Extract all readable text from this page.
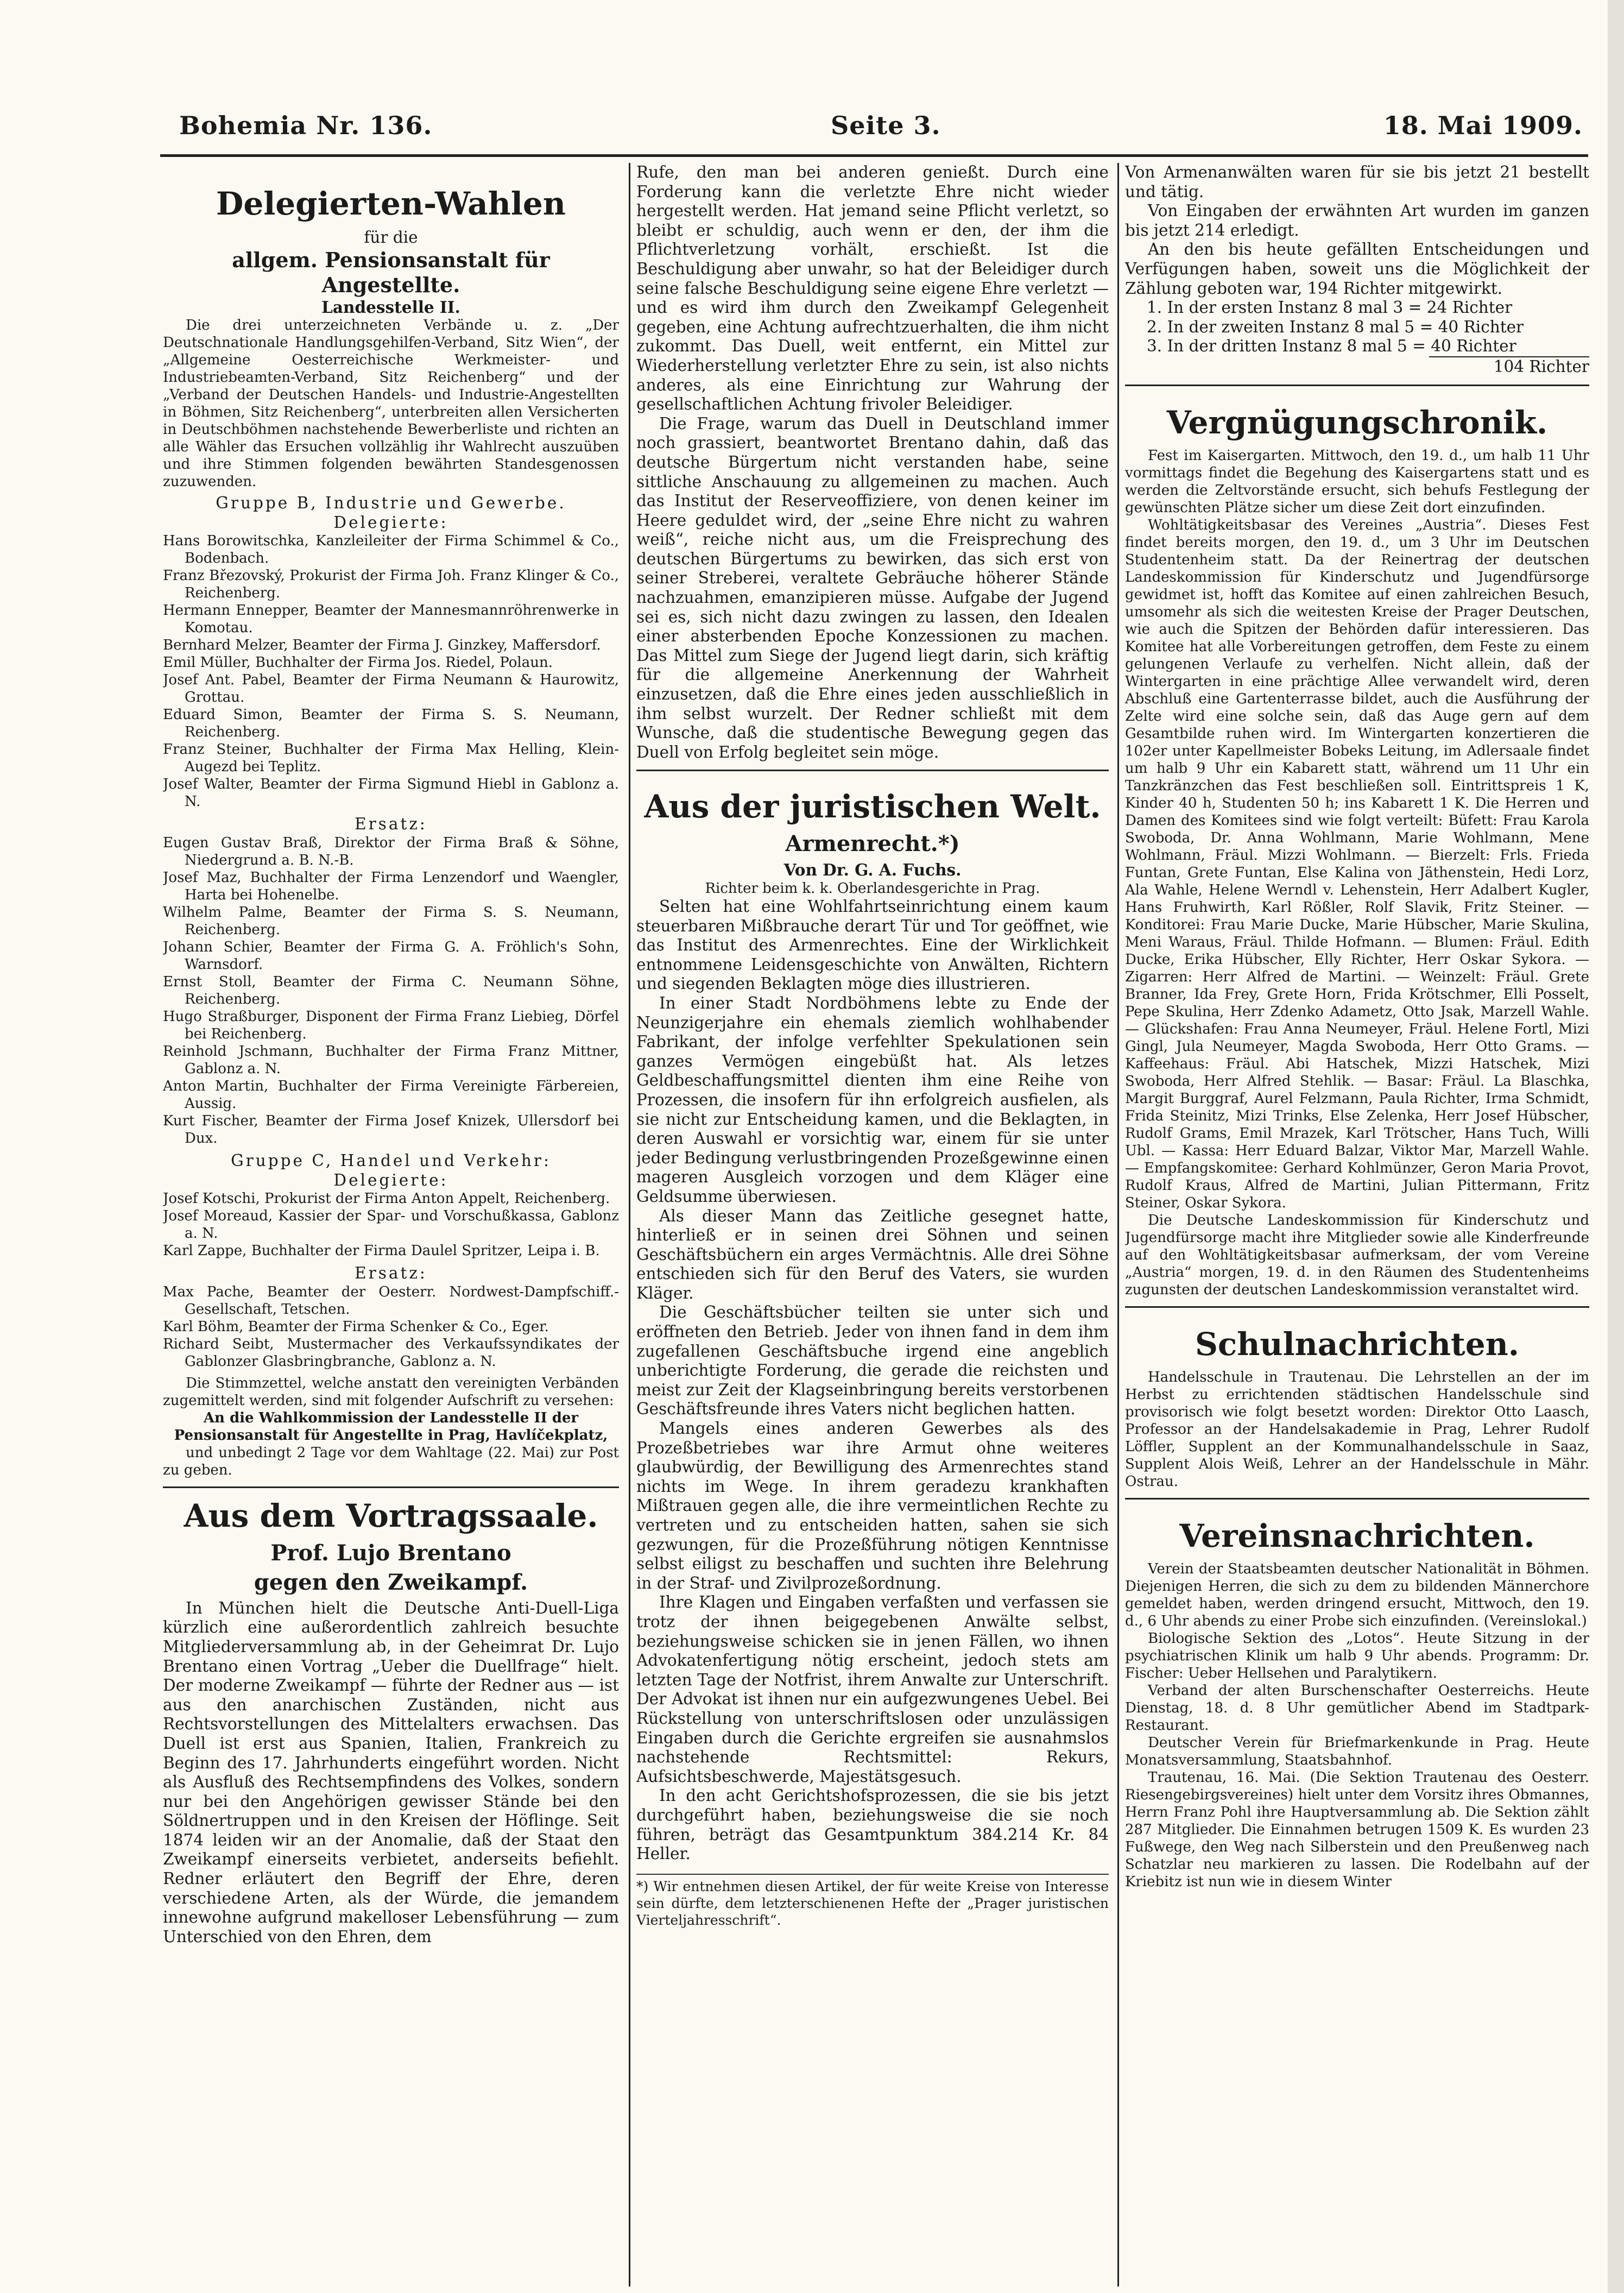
Bohemia Nr. 136.	Seite 3.	18. Mai 1909.
Delegierten-Wahlen

für die

allgem. Pensionsanstalt für Angestellte.

Landesstelle II.

Die drei unterzeichneten Verbände u. z. „Der Deutschnationale Handlungsgehilfen-Verband, Sitz Wien“, der „Allgemeine Oesterreichische Werkmeister- und Industriebeamten-Verband, Sitz Reichenberg“ und der „Verband der Deutschen Handels- und Industrie-Angestellten in Böhmen, Sitz Reichenberg“, unterbreiten allen Versicherten in Deutschböhmen nachstehende Bewerberliste und richten an alle Wähler das Ersuchen vollzählig ihr Wahlrecht auszuüben und ihre Stimmen folgenden bewährten Standesgenossen zuzuwenden.

Gruppe B, Industrie und Gewerbe.

Delegierte:

Hans Borowitschka, Kanzleileiter der Firma Schimmel & Co., Bodenbach.

Franz Březovský, Prokurist der Firma Joh. Franz Klinger & Co., Reichenberg.

Hermann Ennepper, Beamter der Mannesmannröhrenwerke in Komotau.

Bernhard Melzer, Beamter der Firma J. Ginzkey, Maffersdorf.

Emil Müller, Buchhalter der Firma Jos. Riedel, Polaun.

Josef Ant. Pabel, Beamter der Firma Neumann & Haurowitz, Grottau.

Eduard Simon, Beamter der Firma S. S. Neumann, Reichenberg.

Franz Steiner, Buchhalter der Firma Max Helling, Klein-Augezd bei Teplitz.

Josef Walter, Beamter der Firma Sigmund Hiebl in Gablonz a. N.

Ersatz:

Eugen Gustav Braß, Direktor der Firma Braß & Söhne, Niedergrund a. B. N.-B.

Josef Maz, Buchhalter der Firma Lenzendorf und Waengler, Harta bei Hohenelbe.

Wilhelm Palme, Beamter der Firma S. S. Neumann, Reichenberg.

Johann Schier, Beamter der Firma G. A. Fröhlich's Sohn, Warnsdorf.

Ernst Stoll, Beamter der Firma C. Neumann Söhne, Reichenberg.

Hugo Straßburger, Disponent der Firma Franz Liebieg, Dörfel bei Reichenberg.

Reinhold Jschmann, Buchhalter der Firma Franz Mittner, Gablonz a. N.

Anton Martin, Buchhalter der Firma Vereinigte Färbereien, Aussig.

Kurt Fischer, Beamter der Firma Josef Knizek, Ullersdorf bei Dux.

Gruppe C, Handel und Verkehr:

Delegierte:

Josef Kotschi, Prokurist der Firma Anton Appelt, Reichenberg.

Josef Moreaud, Kassier der Spar- und Vorschußkassa, Gablonz a. N.

Karl Zappe, Buchhalter der Firma Daulel Spritzer, Leipa i. B.

Ersatz:

Max Pache, Beamter der Oesterr. Nordwest-Dampfschiff.-Gesellschaft, Tetschen.

Karl Böhm, Beamter der Firma Schenker & Co., Eger.

Richard Seibt, Mustermacher des Verkaufssyndikates der Gablonzer Glasbringbranche, Gablonz a. N.

Die Stimmzettel, welche anstatt den vereinigten Verbänden zugemittelt werden, sind mit folgender Aufschrift zu versehen:

An die Wahlkommission der Landesstelle II der Pensionsanstalt für Angestellte in Prag, Havlíčekplatz,

und unbedingt 2 Tage vor dem Wahltage (22. Mai) zur Post zu geben.

Aus dem Vortragssaale.
Prof. Lujo Brentano
gegen den Zweikampf.

In München hielt die Deutsche Anti-Duell-Liga kürzlich eine außerordentlich zahlreich besuchte Mitgliederversammlung ab, in der Geheimrat Dr. Lujo Brentano einen Vortrag „Ueber die Duellfrage“ hielt. Der moderne Zweikampf — führte der Redner aus — ist aus den anarchischen Zuständen, nicht aus Rechtsvorstellungen des Mittelalters erwachsen. Das Duell ist erst aus Spanien, Italien, Frankreich zu Beginn des 17. Jahrhunderts eingeführt worden. Nicht als Ausfluß des Rechtsempfindens des Volkes, sondern nur bei den Angehörigen gewisser Stände bei den Söldnertruppen und in den Kreisen der Höflinge. Seit 1874 leiden wir an der Anomalie, daß der Staat den Zweikampf einerseits verbietet, anderseits befiehlt. Redner erläutert den Begriff der Ehre, deren verschiedene Arten, als der Würde, die jemandem innewohne aufgrund makelloser Lebensführung — zum Unterschied von den Ehren, dem

Rufe, den man bei anderen genießt. Durch eine Forderung kann die verletzte Ehre nicht wieder hergestellt werden. Hat jemand seine Pflicht verletzt, so bleibt er schuldig, auch wenn er den, der ihm die Pflichtverletzung vorhält, erschießt. Ist die Beschuldigung aber unwahr, so hat der Beleidiger durch seine falsche Beschuldigung seine eigene Ehre verletzt — und es wird ihm durch den Zweikampf Gelegenheit gegeben, eine Achtung aufrechtzuerhalten, die ihm nicht zukommt. Das Duell, weit entfernt, ein Mittel zur Wiederherstellung verletzter Ehre zu sein, ist also nichts anderes, als eine Einrichtung zur Wahrung der gesellschaftlichen Achtung frivoler Beleidiger.

Die Frage, warum das Duell in Deutschland immer noch grassiert, beantwortet Brentano dahin, daß das deutsche Bürgertum nicht verstanden habe, seine sittliche Anschauung zu allgemeinen zu machen. Auch das Institut der Reserveoffiziere, von denen keiner im Heere geduldet wird, der „seine Ehre nicht zu wahren weiß“, reiche nicht aus, um die Freisprechung des deutschen Bürgertums zu bewirken, das sich erst von seiner Streberei, veraltete Gebräuche höherer Stände nachzuahmen, emanzipieren müsse. Aufgabe der Jugend sei es, sich nicht dazu zwingen zu lassen, den Idealen einer absterbenden Epoche Konzessionen zu machen. Das Mittel zum Siege der Jugend liegt darin, sich kräftig für die allgemeine Anerkennung der Wahrheit einzusetzen, daß die Ehre eines jeden ausschließlich in ihm selbst wurzelt. Der Redner schließt mit dem Wunsche, daß die studentische Bewegung gegen das Duell von Erfolg begleitet sein möge.

Aus der juristischen Welt.
Armenrecht.*)

Von Dr. G. A. Fuchs.

Richter beim k. k. Oberlandesgerichte in Prag.

Selten hat eine Wohlfahrtseinrichtung einem kaum steuerbaren Mißbrauche derart Tür und Tor geöffnet, wie das Institut des Armenrechtes. Eine der Wirklichkeit entnommene Leidensgeschichte von Anwälten, Richtern und siegenden Beklagten möge dies illustrieren.

In einer Stadt Nordböhmens lebte zu Ende der Neunzigerjahre ein ehemals ziemlich wohlhabender Fabrikant, der infolge verfehlter Spekulationen sein ganzes Vermögen eingebüßt hat. Als letzes Geldbeschaffungsmittel dienten ihm eine Reihe von Prozessen, die insofern für ihn erfolgreich ausfielen, als sie nicht zur Entscheidung kamen, und die Beklagten, in deren Auswahl er vorsichtig war, einem für sie unter jeder Bedingung verlustbringenden Prozeßgewinne einen mageren Ausgleich vorzogen und dem Kläger eine Geldsumme überwiesen.

Als dieser Mann das Zeitliche gesegnet hatte, hinterließ er in seinen drei Söhnen und seinen Geschäftsbüchern ein arges Vermächtnis. Alle drei Söhne entschieden sich für den Beruf des Vaters, sie wurden Kläger.

Die Geschäftsbücher teilten sie unter sich und eröffneten den Betrieb. Jeder von ihnen fand in dem ihm zugefallenen Geschäftsbuche irgend eine angeblich unberichtigte Forderung, die gerade die reichsten und meist zur Zeit der Klagseinbringung bereits verstorbenen Geschäftsfreunde ihres Vaters nicht beglichen hatten.

Mangels eines anderen Gewerbes als des Prozeßbetriebes war ihre Armut ohne weiteres glaubwürdig, der Bewilligung des Armenrechtes stand nichts im Wege. In ihrem geradezu krankhaften Mißtrauen gegen alle, die ihre vermeintlichen Rechte zu vertreten und zu entscheiden hatten, sahen sie sich gezwungen, für die Prozeßführung nötigen Kenntnisse selbst eiligst zu beschaffen und suchten ihre Belehrung in der Straf- und Zivilprozeßordnung.

Ihre Klagen und Eingaben verfaßten und verfassen sie trotz der ihnen beigegebenen Anwälte selbst, beziehungsweise schicken sie in jenen Fällen, wo ihnen Advokatenfertigung nötig erscheint, jedoch stets am letzten Tage der Notfrist, ihrem Anwalte zur Unterschrift. Der Advokat ist ihnen nur ein aufgezwungenes Uebel. Bei Rückstellung von unterschriftslosen oder unzulässigen Eingaben durch die Gerichte ergreifen sie ausnahmslos nachstehende Rechtsmittel: Rekurs, Aufsichtsbeschwerde, Majestätsgesuch.

In den acht Gerichtshofsprozessen, die sie bis jetzt durchgeführt haben, beziehungsweise die sie noch führen, beträgt das Gesamtpunktum 384.214 Kr. 84 Heller.

*) Wir entnehmen diesen Artikel, der für weite Kreise von Interesse sein dürfte, dem letzterschienenen Hefte der „Prager juristischen Vierteljahresschrift“.

Von Armenanwälten waren für sie bis jetzt 21 bestellt und tätig.

Von Eingaben der erwähnten Art wurden im ganzen bis jetzt 214 erledigt.

An den bis heute gefällten Entscheidungen und Verfügungen haben, soweit uns die Möglichkeit der Zählung geboten war, 194 Richter mitgewirkt.

1. In der ersten Instanz 8 mal 3 = 24 Richter

2. In der zweiten Instanz 8 mal 5 = 40 Richter

3. In der dritten Instanz 8 mal 5 = 40 Richter

104 Richter

Vergnügungschronik.

Fest im Kaisergarten. Mittwoch, den 19. d., um halb 11 Uhr vormittags findet die Begehung des Kaisergartens statt und es werden die Zeltvorstände ersucht, sich behufs Festlegung der gewünschten Plätze sicher um diese Zeit dort einzufinden.

Wohltätigkeitsbasar des Vereines „Austria“. Dieses Fest findet bereits morgen, den 19. d., um 3 Uhr im Deutschen Studentenheim statt. Da der Reinertrag der deutschen Landeskommission für Kinderschutz und Jugendfürsorge gewidmet ist, hofft das Komitee auf einen zahlreichen Besuch, umsomehr als sich die weitesten Kreise der Prager Deutschen, wie auch die Spitzen der Behörden dafür interessieren. Das Komitee hat alle Vorbereitungen getroffen, dem Feste zu einem gelungenen Verlaufe zu verhelfen. Nicht allein, daß der Wintergarten in eine prächtige Allee verwandelt wird, deren Abschluß eine Gartenterrasse bildet, auch die Ausführung der Zelte wird eine solche sein, daß das Auge gern auf dem Gesamtbilde ruhen wird. Im Wintergarten konzertieren die 102er unter Kapellmeister Bobeks Leitung, im Adlersaale findet um halb 9 Uhr ein Kabarett statt, während um 11 Uhr ein Tanzkränzchen das Fest beschließen soll. Eintrittspreis 1 K, Kinder 40 h, Studenten 50 h; ins Kabarett 1 K. Die Herren und Damen des Komitees sind wie folgt verteilt: Büfett: Frau Karola Swoboda, Dr. Anna Wohlmann, Marie Wohlmann, Mene Wohlmann, Fräul. Mizzi Wohlmann. — Bierzelt: Frls. Frieda Funtan, Grete Funtan, Else Kalina von Jäthenstein, Hedi Lorz, Ala Wahle, Helene Werndl v. Lehenstein, Herr Adalbert Kugler, Hans Fruhwirth, Karl Rößler, Rolf Slavik, Fritz Steiner. — Konditorei: Frau Marie Ducke, Marie Hübscher, Marie Skulina, Meni Waraus, Fräul. Thilde Hofmann. — Blumen: Fräul. Edith Ducke, Erika Hübscher, Elly Richter, Herr Oskar Sykora. — Zigarren: Herr Alfred de Martini. — Weinzelt: Fräul. Grete Branner, Ida Frey, Grete Horn, Frida Krötschmer, Elli Posselt, Pepe Skulina, Herr Zdenko Adametz, Otto Jsak, Marzell Wahle. — Glückshafen: Frau Anna Neumeyer, Fräul. Helene Fortl, Mizi Gingl, Jula Neumeyer, Magda Swoboda, Herr Otto Grams. — Kaffeehaus: Fräul. Abi Hatschek, Mizzi Hatschek, Mizi Swoboda, Herr Alfred Stehlik. — Basar: Fräul. La Blaschka, Margit Burggraf, Aurel Felzmann, Paula Richter, Irma Schmidt, Frida Steinitz, Mizi Trinks, Else Zelenka, Herr Josef Hübscher, Rudolf Grams, Emil Mrazek, Karl Trötscher, Hans Tuch, Willi Ubl. — Kassa: Herr Eduard Balzar, Viktor Mar, Marzell Wahle. — Empfangskomitee: Gerhard Kohlmünzer, Geron Maria Provot, Rudolf Kraus, Alfred de Martini, Julian Pittermann, Fritz Steiner, Oskar Sykora.

Die Deutsche Landeskommission für Kinderschutz und Jugendfürsorge macht ihre Mitglieder sowie alle Kinderfreunde auf den Wohltätigkeitsbasar aufmerksam, der vom Vereine „Austria“ morgen, 19. d. in den Räumen des Studentenheims zugunsten der deutschen Landeskommission veranstaltet wird.

Schulnachrichten.

Handelsschule in Trautenau. Die Lehrstellen an der im Herbst zu errichtenden städtischen Handelsschule sind provisorisch wie folgt besetzt worden: Direktor Otto Laasch, Professor an der Handelsakademie in Prag, Lehrer Rudolf Löffler, Supplent an der Kommunalhandelsschule in Saaz, Supplent Alois Weiß, Lehrer an der Handelsschule in Mähr. Ostrau.

Vereinsnachrichten.

Verein der Staatsbeamten deutscher Nationalität in Böhmen. Diejenigen Herren, die sich zu dem zu bildenden Männerchore gemeldet haben, werden dringend ersucht, Mittwoch, den 19. d., 6 Uhr abends zu einer Probe sich einzufinden. (Vereinslokal.)

Biologische Sektion des „Lotos“. Heute Sitzung in der psychiatrischen Klinik um halb 9 Uhr abends. Programm: Dr. Fischer: Ueber Hellsehen und Paralytikern.

Verband der alten Burschenschafter Oesterreichs. Heute Dienstag, 18. d. 8 Uhr gemütlicher Abend im Stadtpark-Restaurant.

Deutscher Verein für Briefmarkenkunde in Prag. Heute Monatsversammlung, Staatsbahnhof.

Trautenau, 16. Mai. (Die Sektion Trautenau des Oesterr. Riesengebirgsvereines) hielt unter dem Vorsitz ihres Obmannes, Herrn Franz Pohl ihre Hauptversammlung ab. Die Sektion zählt 287 Mitglieder. Die Einnahmen betrugen 1509 K. Es wurden 23 Fußwege, den Weg nach Silberstein und den Preußenweg nach Schatzlar neu markieren zu lassen. Die Rodelbahn auf der Kriebitz ist nun wie in diesem Winter
